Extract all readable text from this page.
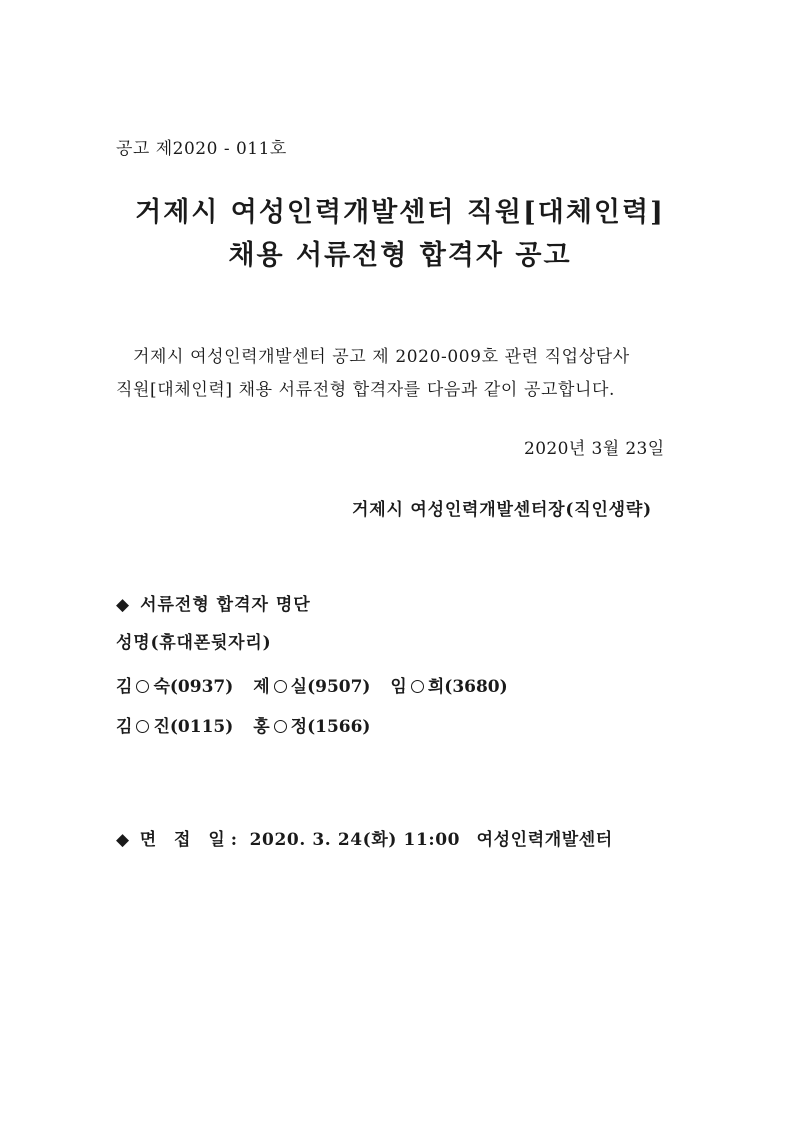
공고 제2020 - 011호
거제시 여성인력개발센터 직원[대체인력]
채용 서류전형 합격자 공고
거제시 여성인력개발센터 공고 제 2020-009호 관련 직업상담사
직원[대체인력] 채용 서류전형 합격자를 다음과 같이 공고합니다.
2020년 3월 23일
거제시 여성인력개발센터장(직인생략)
◆ 서류전형 합격자 명단
성명(휴대폰뒷자리)
김 숙(0937) 제 실(9507) 임 희(3680)
김 진(0115) 홍 정(1566)
◆ 면 접 일: 2020. 3. 24(화) 11:00 여성인력개발센터
